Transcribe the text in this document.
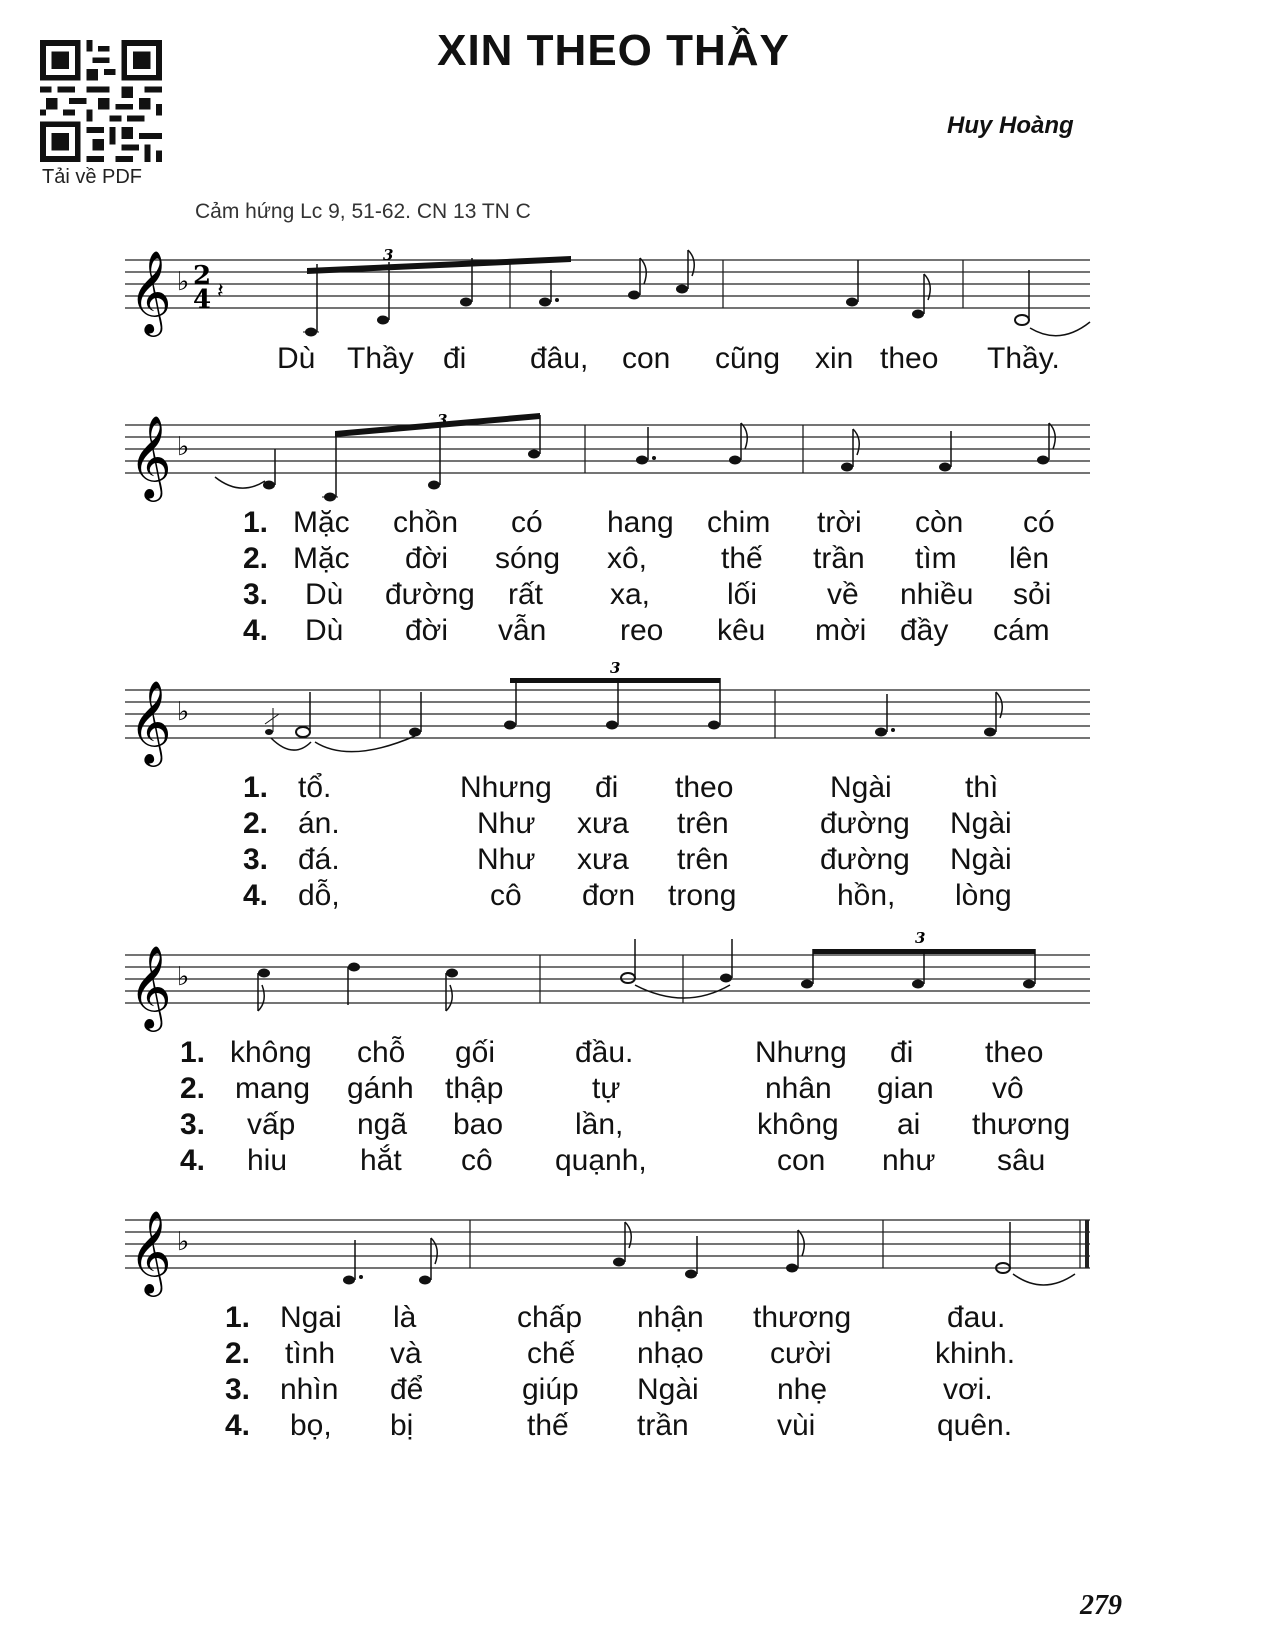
Tải về PDF
XIN THEO THẦY
Huy Hoàng
Cảm hứng Lc 9, 51-62. CN 13 TN C
𝄞 ♭ 2
4 𝄽
3
Dù Thầy đi đâu, con cũng xin theo Thầy.
𝄞 ♭
3
1. Mặc chồn có hang chim trời còn có
2. Mặc đời sóng xô, thế trần tìm lên
3. Dù đường rất xa,	lối về nhiều sỏi
4. Dù đời vẫn reo kêu mời đầy cám
𝄞 ♭
3
1. tổ.	Nhưng đi theo	Ngài thì
2. án.	Như xưa trên	đường Ngài
3. đá.	Như xưa trên	đường Ngài
4. dỗ,	cô đơn trong	hồn, lòng
𝄞 ♭
3
1. không chỗ gối	đầu.	Nhưng đi theo
2. mang gánh thập	tự	nhân gian vô
3. vấp ngã bao lần,	không ai thương
4. hiu hắt cô quạnh,	con như sâu
𝄞 ♭
1. Ngai là	chấp nhận thương	đau.
2. tình và	chế nhạo cười	khinh.
3. nhìn để	giúp Ngài	nhẹ	vơi.
4. bọ, bị	thế trần	vùi	quên.
279
